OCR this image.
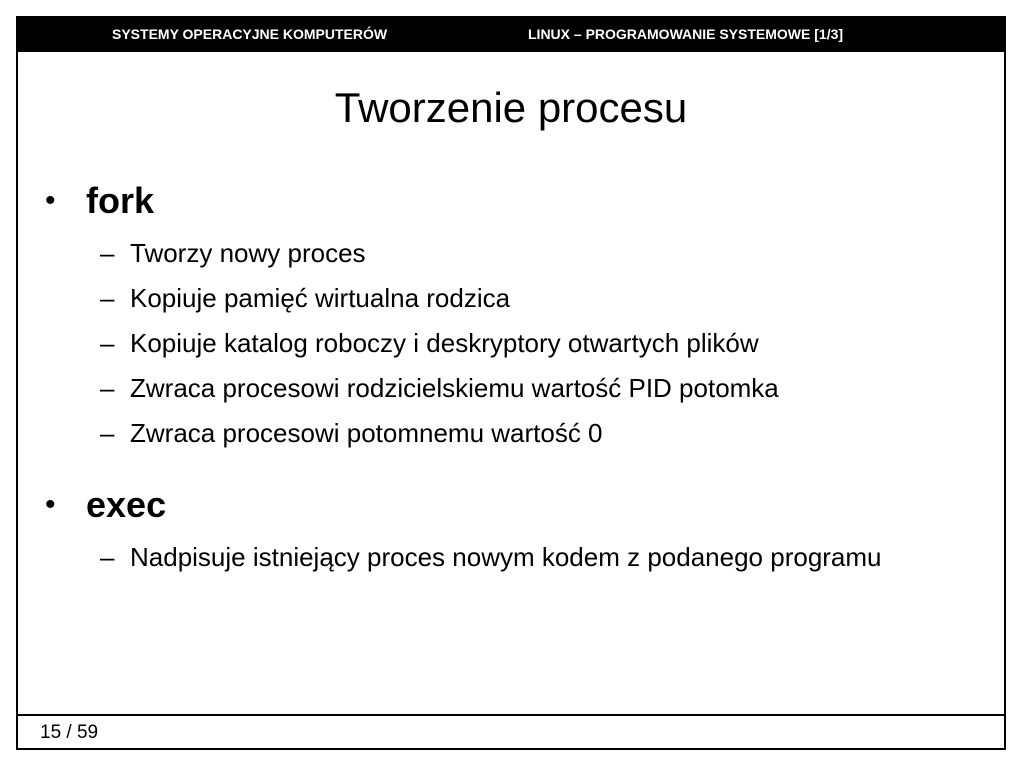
SYSTEMY OPERACYJNE KOMPUTERÓW	LINUX – PROGRAMOWANIE SYSTEMOWE [1/3]
Tworzenie procesu
• fork
– Tworzy nowy proces
– Kopiuje pamięć wirtualna rodzica
– Kopiuje katalog roboczy i deskryptory otwartych plików
– Zwraca procesowi rodzicielskiemu wartość PID potomka
– Zwraca procesowi potomnemu wartość 0
• exec
– Nadpisuje istniejący proces nowym kodem z podanego programu
15 / 59
